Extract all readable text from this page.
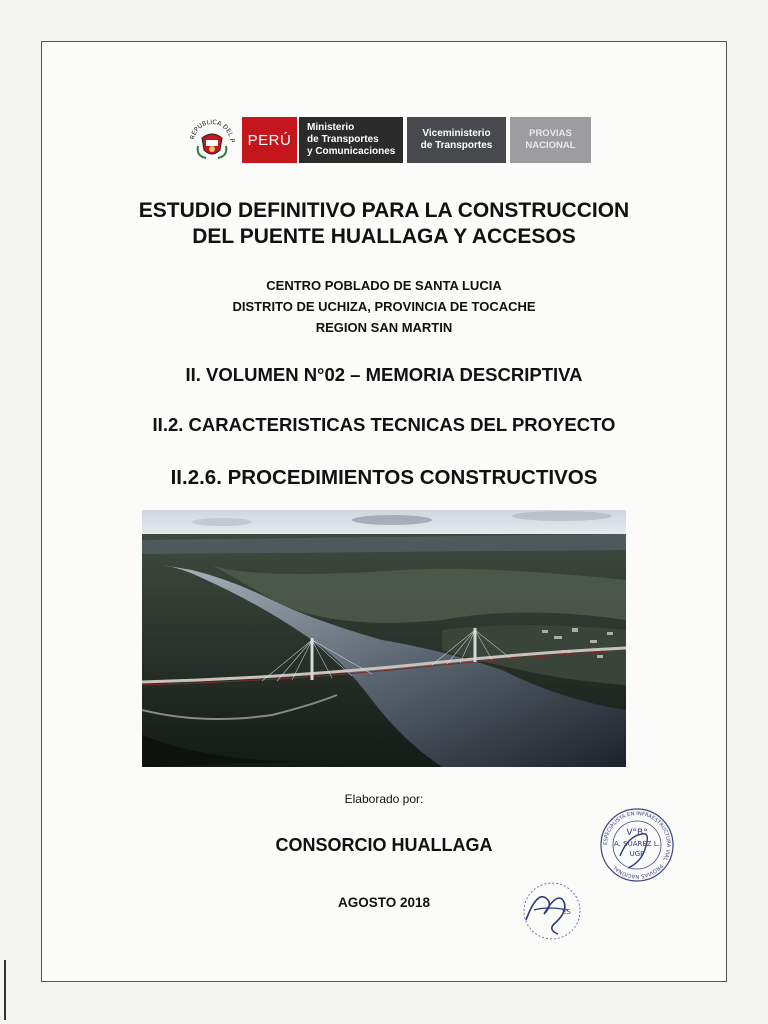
REPUBLICA DEL P PERÚ
Ministerio
de Transportes
y Comunicaciones
Viceministerio
de Transportes
PROVIAS
NACIONAL
ESTUDIO DEFINITIVO PARA LA CONSTRUCCION
DEL PUENTE HUALLAGA Y ACCESOS
CENTRO POBLADO DE SANTA LUCIA
DISTRITO DE UCHIZA, PROVINCIA DE TOCACHE
REGION SAN MARTIN
II. VOLUMEN N°02 – MEMORIA DESCRIPTIVA
II.2. CARACTERISTICAS TECNICAS DEL PROYECTO
II.2.6. PROCEDIMIENTOS CONSTRUCTIVOS
Elaborado por:
CONSORCIO HUALLAGA
AGOSTO 2018
ESPECIALISTA EN INFRAESTRUCTURA VIAL · PROVIAS NACIONAL
V°B°
A. SUÁREZ L.
UGP
ES
